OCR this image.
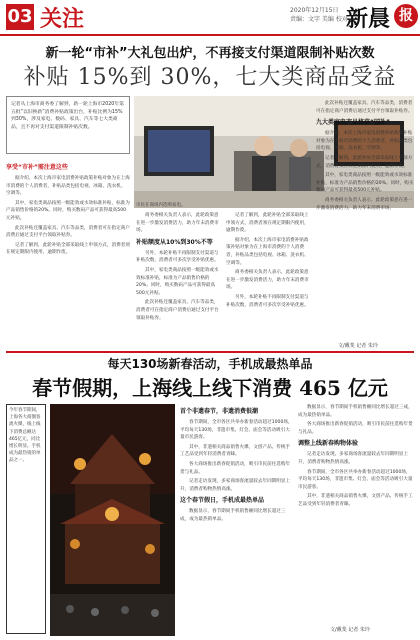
03 关注	2020年12月15日
责编：文字 美编 校对
新晨 报
新一轮“市补”大礼包出炉，不再接支付渠道限制补贴次数
补贴 15%到 30%，七大类商品受益
记者从上海市商务委了解到，新一轮上海市2020年第五批“以旧换新”消费补贴政策出台，补贴比例为15%到30%，涉及家电、数码、家具、汽车等七大类商品，且不再对支付渠道限制补贴次数。
享受“市补”需注意这些

据介绍，本次上海市家电消费补贴政策补贴对象为在上海市消费的个人消费者，补贴品类包括电视、冰箱、洗衣机、空调等。

其中，家电类商品按照一级能效或水效标准补贴，标准为产品销售价格的20%。同时，购买数码产品可获得最高500元补贴。

此次补贴还覆盖家具、汽车等品类，消费者可在指定商户消费后通过支付平台领取补贴券。

记者了解到，此轮补贴全部采取线上申领方式，消费者须在规定期限内使用，逾期作废。

商务委相关负责人表示，此轮政策意在进一步激发消费活力，助力年末消费市场。

补贴额度从10%到30%不等

另外，本轮补贴不再限制支付渠道与补贴次数，消费者可多次享受补贴优惠。

其中，家电类商品按照一级能效或水效标准补贴，标准为产品销售价格的20%。同时，购买数码产品可获得最高500元补贴。

此次补贴还覆盖家具、汽车等品类，消费者可在指定商户消费后通过支付平台领取补贴券。

记者了解到，此轮补贴全部采取线上申领方式，消费者须在规定期限内使用，逾期作废。

据介绍，本次上海市家电消费补贴政策补贴对象为在上海市消费的个人消费者，补贴品类包括电视、冰箱、洗衣机、空调等。

商务委相关负责人表示，此轮政策意在进一步激发消费活力，助力年末消费市场。

另外，本轮补贴不再限制支付渠道与补贴次数，消费者可多次享受补贴优惠。

此次补贴还覆盖家具、汽车等品类，消费者可在指定商户消费后通过支付平台领取补贴券。

九大类家电产品将获“国补”

据介绍，本次上海市家电消费补贴政策补贴对象为在上海市消费的个人消费者，补贴品类包括电视、冰箱、洗衣机、空调等。

记者了解到，此轮补贴全部采取线上申领方式，消费者须在规定期限内使用，逾期作废。

其中，家电类商品按照一级能效或水效标准补贴，标准为产品销售价格的20%。同时，购买数码产品可获得最高500元补贴。

商务委相关负责人表示，此轮政策意在进一步激发消费活力，助力年末消费市场。

市民在商场内选购家电。
文/戴斐 记者 朱玲
每天130场新春活动，手机成最热单品
春节假期，上海线上线下消费 465 亿元
今年春节期间，上海各大商圈客流火爆，线上线下消费总额达465亿元，同比增长明显。手机成为最热销的单品之一。
首个非遗春节，非遗消费很潮

春节期间，全市各区共举办新春活动超过1000场，平均每天130场，非遗市集、灯会、庙会等活动吸引大量市民游客。

其中，非遗相关商品销售火爆，文创产品、传统手工艺品受到年轻消费者青睐。

各大商场推出新春促销活动，吸引市民前往选购年货与礼品。

记者走访发现，多家商场客流量较去年同期明显上升，消费者购物热情高涨。

这个春节假日，手机成最热单品

数据显示，春节期间手机销售额同比增长超过三成，成为最热销单品。

数据显示，春节期间手机销售额同比增长超过三成，成为最热销单品。

各大商场推出新春促销活动，吸引市民前往选购年货与礼品。

调整上线新春购物体验

记者走访发现，多家商场客流量较去年同期明显上升，消费者购物热情高涨。

春节期间，全市各区共举办新春活动超过1000场，平均每天130场，非遗市集、灯会、庙会等活动吸引大量市民游客。

其中，非遗相关商品销售火爆，文创产品、传统手工艺品受到年轻消费者青睐。

文/戴斐 记者 朱玲
